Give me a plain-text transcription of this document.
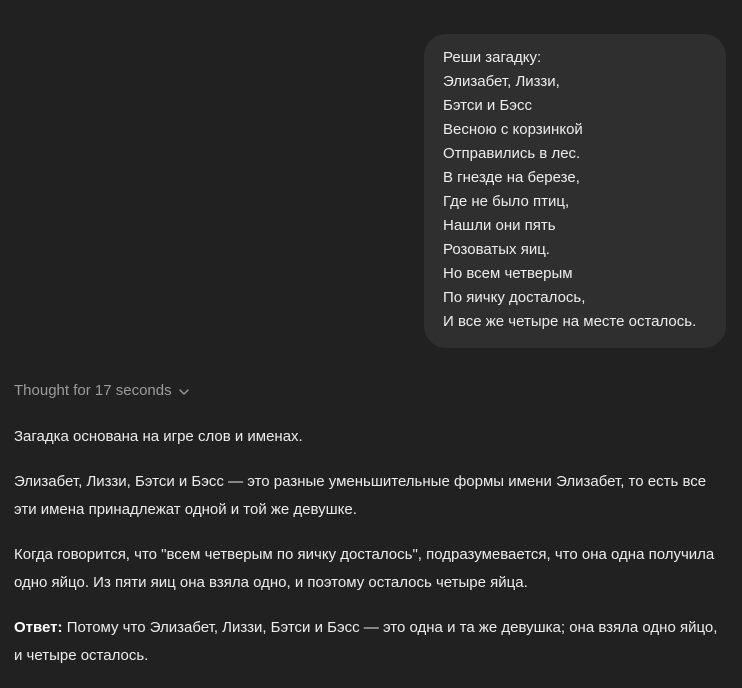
Реши загадку:
Элизабет, Лиззи,
Бэтси и Бэсс
Весною с корзинкой
Отправились в лес.
В гнезде на березе,
Где не было птиц,
Нашли они пять
Розоватых яиц.
Но всем четверым
По яичку досталось,
И все же четыре на месте осталось.
Thought for 17 seconds

Загадка основана на игре слов и именах.

Элизабет, Лиззи, Бэтси и Бэсс — это разные уменьшительные формы имени Элизабет, то есть все эти имена принадлежат одной и той же девушке.

Когда говорится, что "всем четверым по яичку досталось", подразумевается, что она одна получила одно яйцо. Из пяти яиц она взяла одно, и поэтому осталось четыре яйца.

Ответ: Потому что Элизабет, Лиззи, Бэтси и Бэсс — это одна и та же девушка; она взяла одно яйцо, и четыре осталось.
